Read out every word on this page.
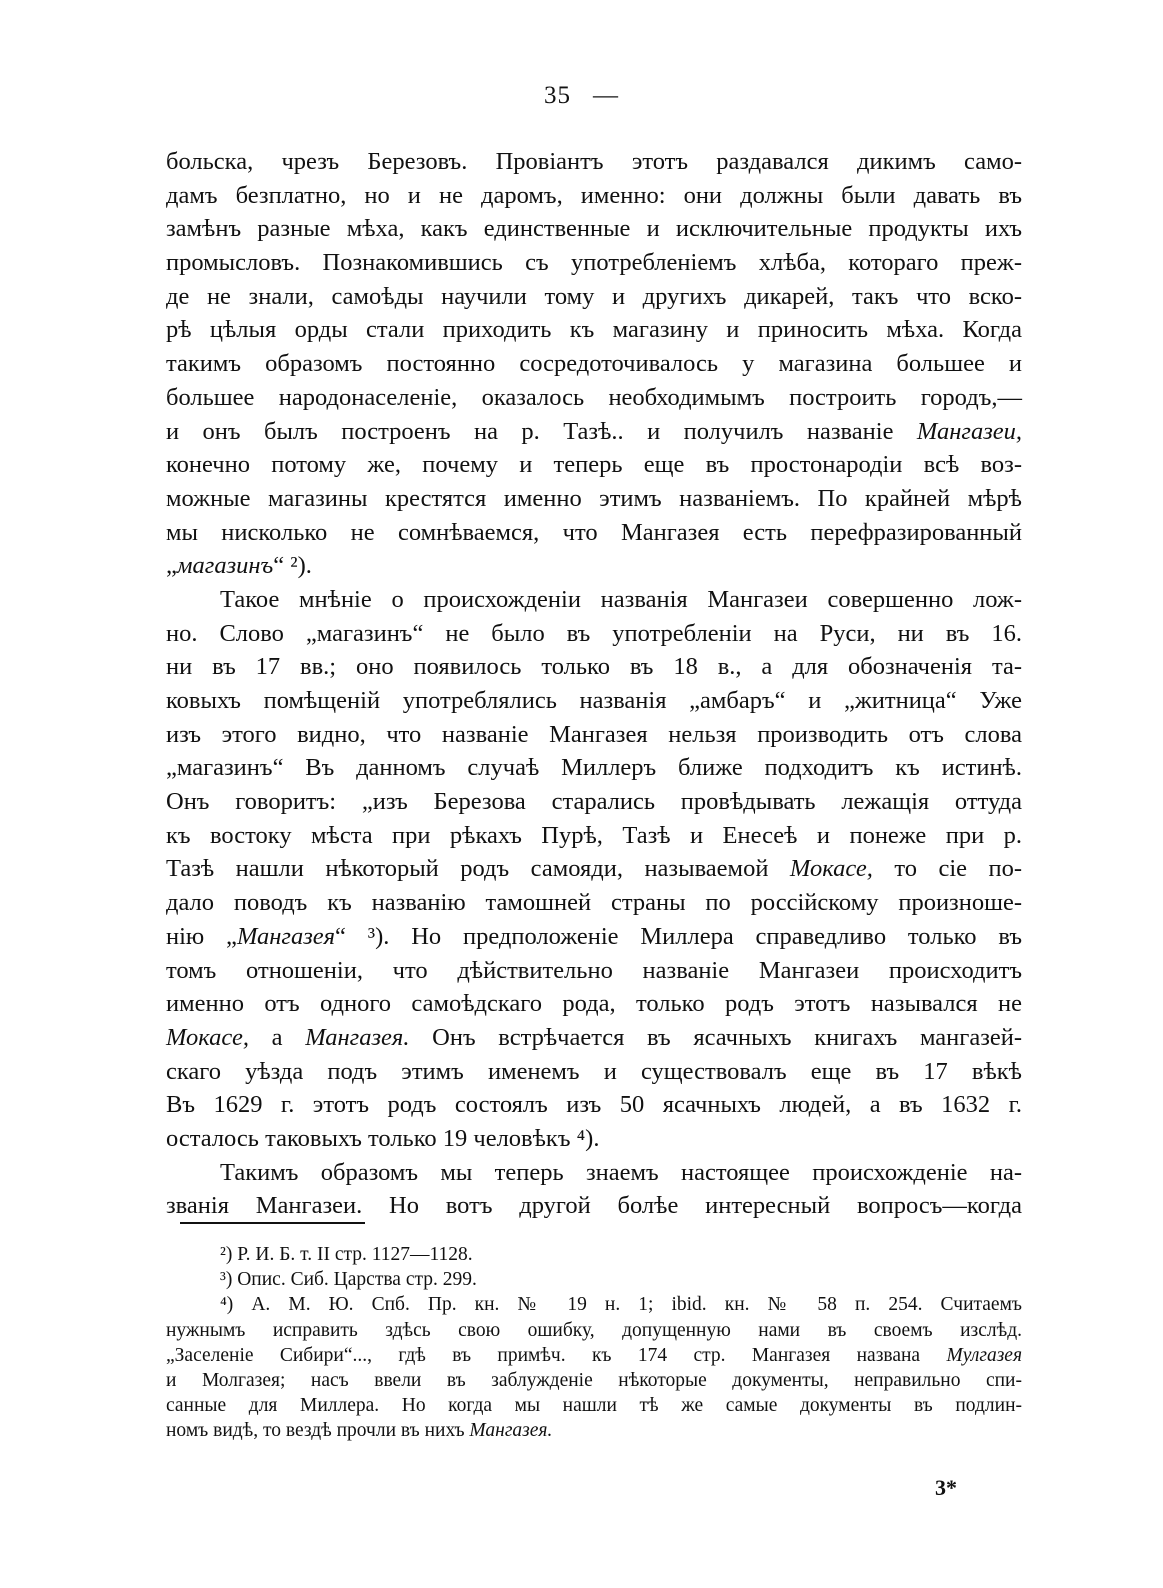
35 —
больска, чрезъ Березовъ. Провіантъ этотъ раздавался дикимъ само-
дамъ безплатно, но и не даромъ, именно: они должны были давать въ
замѣнъ разные мѣха, какъ единственные и исключительные продукты ихъ
промысловъ. Познакомившись съ употребленіемъ хлѣба, котораго преж-
де не знали, самоѣды научили тому и другихъ дикарей, такъ что вско-
рѣ цѣлыя орды стали приходить къ магазину и приносить мѣха. Когда
такимъ образомъ постоянно сосредоточивалось у магазина большее и
большее народонаселеніе, оказалось необходимымъ построить городъ,—
и онъ былъ построенъ на р. Тазѣ.. и получилъ названіе Мангазеи,
конечно потому же, почему и теперь еще въ простонародіи всѣ воз-
можные магазины крестятся именно этимъ названіемъ. По крайней мѣрѣ
мы нисколько не сомнѣваемся, что Мангазея есть перефразированный
„магазинъ“ ²).
Такое мнѣніе о происхожденіи названія Мангазеи совершенно лож-
но. Слово „магазинъ“ не было въ употребленіи на Руси, ни въ 16.
ни въ 17 вв.; оно появилось только въ 18 в., а для обозначенія та-
ковыхъ помѣщеній употреблялись названія „амбаръ“ и „житница“ Уже
изъ этого видно, что названіе Мангазея нельзя производить отъ слова
„магазинъ“ Въ данномъ случаѣ Миллеръ ближе подходитъ къ истинѣ.
Онъ говоритъ: „изъ Березова старались провѣдывать лежащія оттуда
къ востоку мѣста при рѣкахъ Пурѣ, Тазѣ и Енесеѣ и понеже при р.
Тазѣ нашли нѣкоторый родъ самояди, называемой Мокасе, то сіе по-
дало поводъ къ названію тамошней страны по россійскому произноше-
нію „Мангазея“ ³). Но предположеніе Миллера справедливо только въ
томъ отношеніи, что дѣйствительно названіе Мангазеи происходитъ
именно отъ одного самоѣдскаго рода, только родъ этотъ назывался не
Мокасе, а Мангазея. Онъ встрѣчается въ ясачныхъ книгахъ мангазей-
скаго уѣзда подъ этимъ именемъ и существовалъ еще въ 17 вѣкѣ
Въ 1629 г. этотъ родъ состоялъ изъ 50 ясачныхъ людей, а въ 1632 г.
осталось таковыхъ только 19 человѣкъ ⁴).
Такимъ образомъ мы теперь знаемъ настоящее происхожденіе на-
званія Мангазеи. Но вотъ другой болѣе интересный вопросъ—когда
²) Р. И. Б. т. II стр. 1127—1128.
³) Опис. Сиб. Царства стр. 299.
⁴) А. М. Ю. Спб. Пр. кн. № 19 н. 1; ibid. кн. № 58 п. 254. Считаемъ
нужнымъ исправить здѣсь свою ошибку, допущенную нами въ своемъ изслѣд.
„Заселеніе Сибири“..., гдѣ въ примѣч. къ 174 стр. Мангазея названа Мулгазея
и Молгазея; насъ ввели въ заблужденіе нѣкоторые документы, неправильно спи-
санные для Миллера. Но когда мы нашли тѣ же самые документы въ подлин-
номъ видѣ, то вездѣ прочли въ нихъ Мангазея.
3*
